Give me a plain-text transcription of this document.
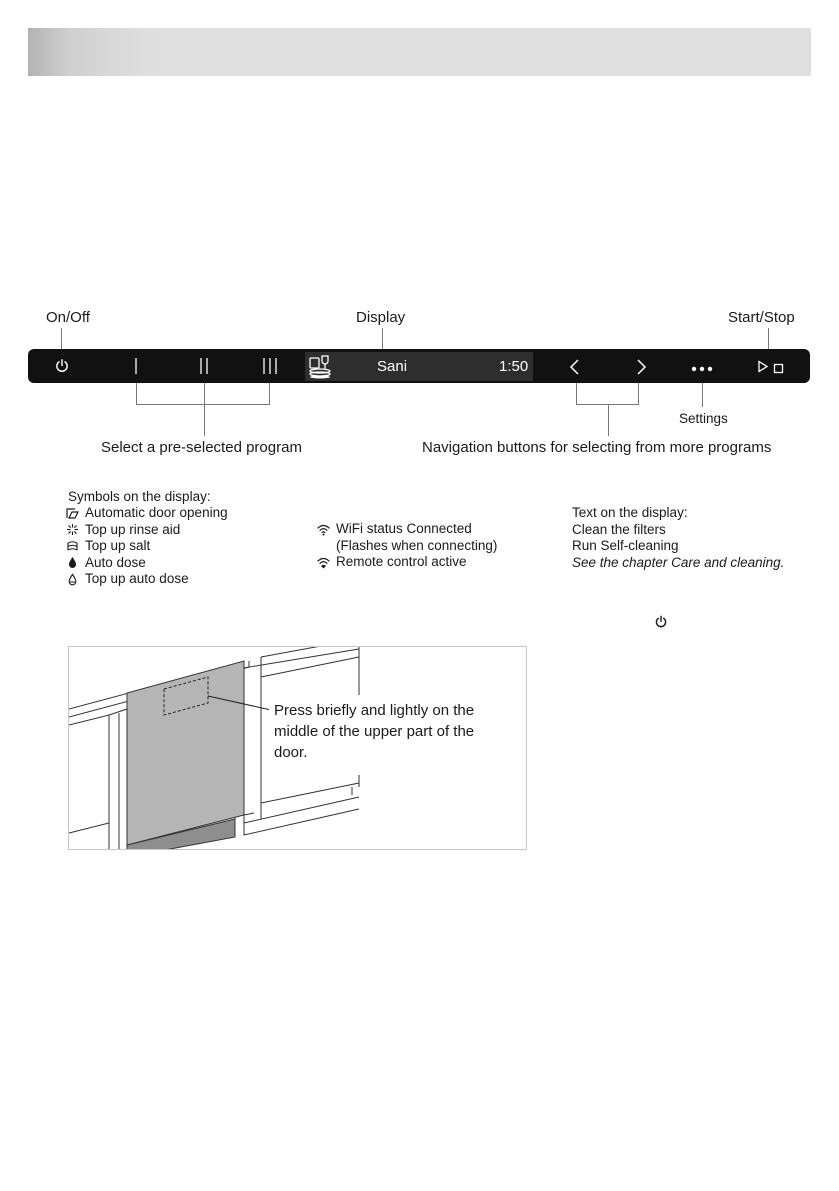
On/Off	Display	Start/Stop
Sani	1:50
Settings
Select a pre-selected program	Navigation buttons for selecting from more programs
Symbols on the display:
Automatic door opening
Top up rinse aid
Top up salt
Auto dose
Top up auto dose
WiFi status Connected
(Flashes when connecting)
Remote control active
Text on the display:
Clean the filters
Run Self-cleaning
See the chapter Care and cleaning.
Press briefly and lightly on the
middle of the upper part of the
door.
